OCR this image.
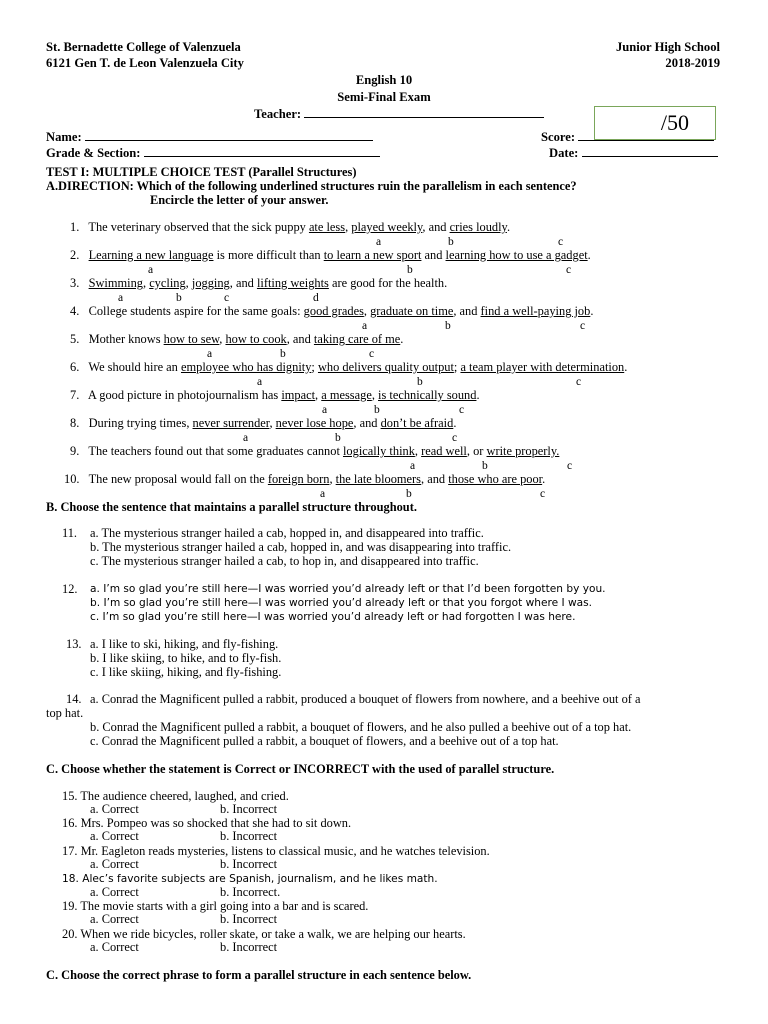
St. Bernadette College of Valenzuela
6121 Gen T. de Leon Valenzuela City
Junior High School
2018-2019
English 10
Semi-Final Exam
Teacher:	/50
Name:	Score:
Grade & Section:	Date:
TEST I: MULTIPLE CHOICE TEST (Parallel Structures)
A.DIRECTION: Which of the following underlined structures ruin the parallelism in each sentence?
Encircle the letter of your answer.
1. The veterinary observed that the sick puppy ate less, played weekly, and cries loudly.
a	b	c
2. Learning a new language is more difficult than to learn a new sport and learning how to use a gadget.
a	b	c
3. Swimming, cycling, jogging, and lifting weights are good for the health.
a	b	c	d
4. College students aspire for the same goals: good grades, graduate on time, and find a well-paying job.
a	b	c
5. Mother knows how to sew, how to cook, and taking care of me.
a	b	c
6. We should hire an employee who has dignity; who delivers quality output; a team player with determination.
a	b	c
7. A good picture in photojournalism has impact, a message, is technically sound.
a	b	c
8. During trying times, never surrender, never lose hope, and don’t be afraid.
a	b	c
9. The teachers found out that some graduates cannot logically think, read well, or write properly.
a	b	c
10. The new proposal would fall on the foreign born, the late bloomers, and those who are poor.
a	b	c
B. Choose the sentence that maintains a parallel structure throughout.
11. a. The mysterious stranger hailed a cab, hopped in, and disappeared into traffic.
b. The mysterious stranger hailed a cab, hopped in, and was disappearing into traffic.
c. The mysterious stranger hailed a cab, to hop in, and disappeared into traffic.
12. a. I’m so glad you’re still here—I was worried you’d already left or that I’d been forgotten by you.
b. I’m so glad you’re still here—I was worried you’d already left or that you forgot where I was.
c. I’m so glad you’re still here—I was worried you’d already left or had forgotten I was here.
13. a. I like to ski, hiking, and fly-fishing.
b. I like skiing, to hike, and to fly-fish.
c. I like skiing, hiking, and fly-fishing.
14. a. Conrad the Magnificent pulled a rabbit, produced a bouquet of flowers from nowhere, and a beehive out of a
top hat.
b. Conrad the Magnificent pulled a rabbit, a bouquet of flowers, and he also pulled a beehive out of a top hat.
c. Conrad the Magnificent pulled a rabbit, a bouquet of flowers, and a beehive out of a top hat.
C. Choose whether the statement is Correct or INCORRECT with the used of parallel structure.
15. The audience cheered, laughed, and cried.
a. Correct	b. Incorrect
16. Mrs. Pompeo was so shocked that she had to sit down.
a. Correct	b. Incorrect
17. Mr. Eagleton reads mysteries, listens to classical music, and he watches television.
a. Correct	b. Incorrect
18. Alec’s favorite subjects are Spanish, journalism, and he likes math.
a. Correct	b. Incorrect.
19. The movie starts with a girl going into a bar and is scared.
a. Correct	b. Incorrect
20. When we ride bicycles, roller skate, or take a walk, we are helping our hearts.
a. Correct	b. Incorrect
C. Choose the correct phrase to form a parallel structure in each sentence below.
